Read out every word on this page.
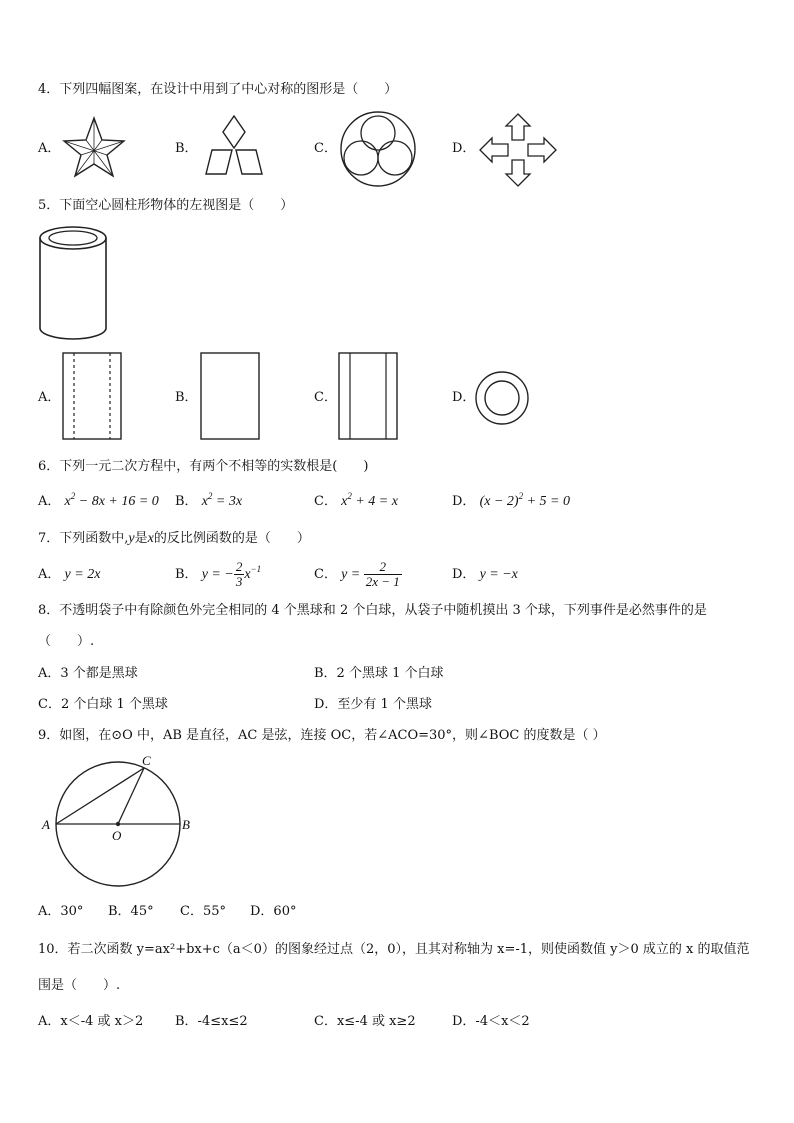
4．下列四幅图案，在设计中用到了中心对称的图形是（　　）
A．	B．	C．	D．
5．下面空心圆柱形物体的左视图是（　　）
A．	B．	C．	D．
6．下列一元二次方程中，有两个不相等的实数根是(　　)
A． $x^2 - 8x + 16 = 0$ B． $x^2 = 3x$	C． $x^2 + 4 = x$	D． $(x - 2)^2 + 5 = 0$
7．下列函数中,y是x的反比例函数的是（　　）
A． y = 2x	B． y = − $\frac{2}{3} x^{-1}$	C． $y = \frac{2}{2x - 1}$	D． y = −x
8．不透明袋子中有除颜色外完全相同的 4 个黑球和 2 个白球，从袋子中随机摸出 3 个球，下列事件是必然事件的是
（　　）.
A．3 个都是黑球	B．2 个黑球 1 个白球
C．2 个白球 1 个黑球	D．至少有 1 个黑球
9．如图，在⊙O 中，AB 是直径，AC 是弦，连接 OC，若∠ACO=30°，则∠BOC 的度数是（ ）
A	B
C
O
A．30° B．45° C．55° D．60°
10．若二次函数 y=ax²+bx+c（a＜0）的图象经过点（2，0），且其对称轴为 x=-1，则使函数值 y＞0 成立的 x 的取值范
围是（　　）.
A．x＜-4 或 x＞2 B．-4≤x≤2	C．x≤-4 或 x≥2	D．-4＜x＜2
